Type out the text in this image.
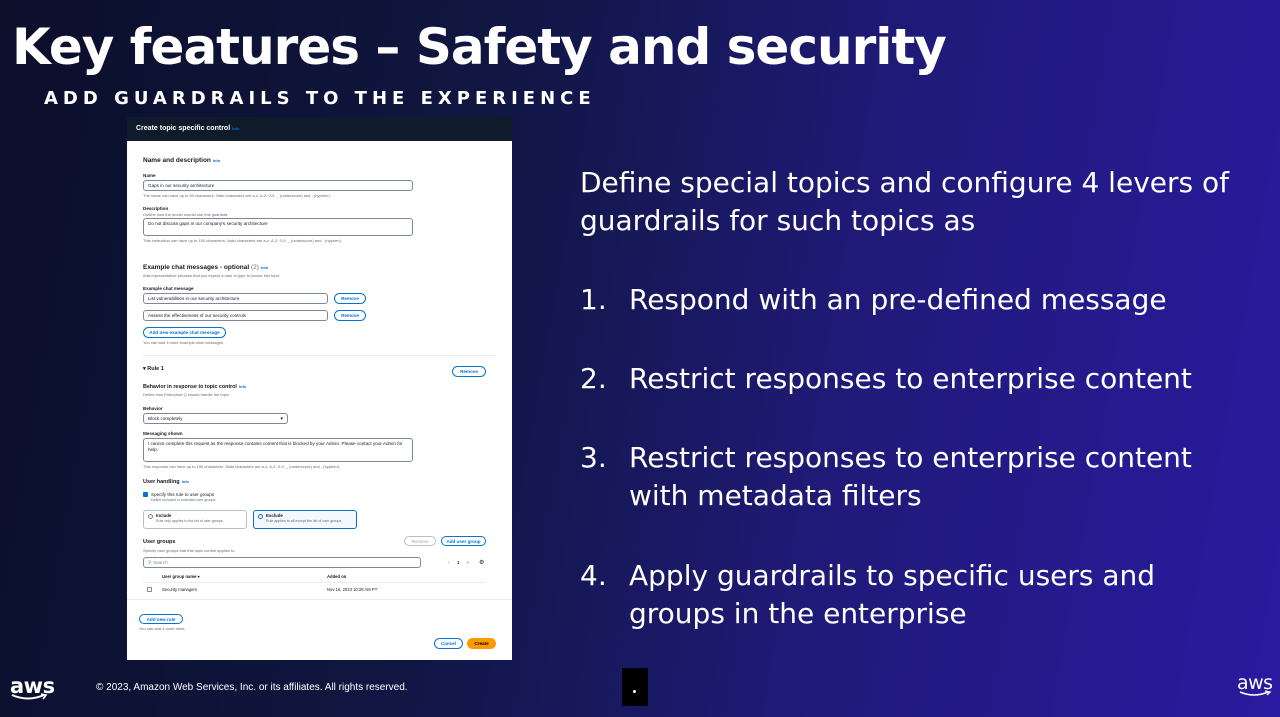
Key features – Safety and security
ADD GUARDRAILS TO THE EXPERIENCE
Create topic specific control Info
Name and description Info
Name
Gaps in our security architecture
The name can have up to 50 characters. Valid characters are a-z, A-Z, 0-9, _ (underscore) and - (hyphen).
Description
Outline how the model should use this guardrail.
Do not discuss gaps in our company's security architecture
This instruction can have up to 150 characters. Valid characters are a-z, A-Z, 0-9, _ (underscore) and - (hyphen).
Example chat messages - optional (2) Info
Add representative phrases that you expect a user to type to invoke this topic.
Example chat message
List vulnerabilities in our security architecture	Remove
Assess the effectiveness of our security controls	Remove
Add new example chat message
You can add 3 more example chat messages.
▾ Rule 1	Remove
Behavior in response to topic control Info
Define how Enterprise Q should handle the topic.
Behavior
Block completely	▾
Messaging shown
I cannot complete this request as the response contains content that is blocked by your Admin. Please contact your Admin for help.
This response can have up to 150 characters. Valid characters are a-z, A-Z, 0-9, _ (underscore) and - (hyphen).
User handling Info
Specify this rule to user groups
Define included or excluded user groups.
Include
Rule only applies to the list of user groups.
Exclude
Rule applies to all except the list of user groups.
User groups
Specify user groups that this topic control applies to.
Remove	Add user group
⚲ Search	‹ 1 › ⚙
User group name ▾	Added on
Security managers	Nov 16, 2023 10:28 AM PT
Add new rule
You can add 4 more rules.
Cancel	Create
Define special topics and configure 4 levers of guardrails for such topics as
1. Respond with an pre-defined message
2. Restrict responses to enterprise content
3. Restrict responses to enterprise content with metadata filters
4. Apply guardrails to specific users and groups in the enterprise
aws	© 2023, Amazon Web Services, Inc. or its affiliates. All rights reserved.	aws
